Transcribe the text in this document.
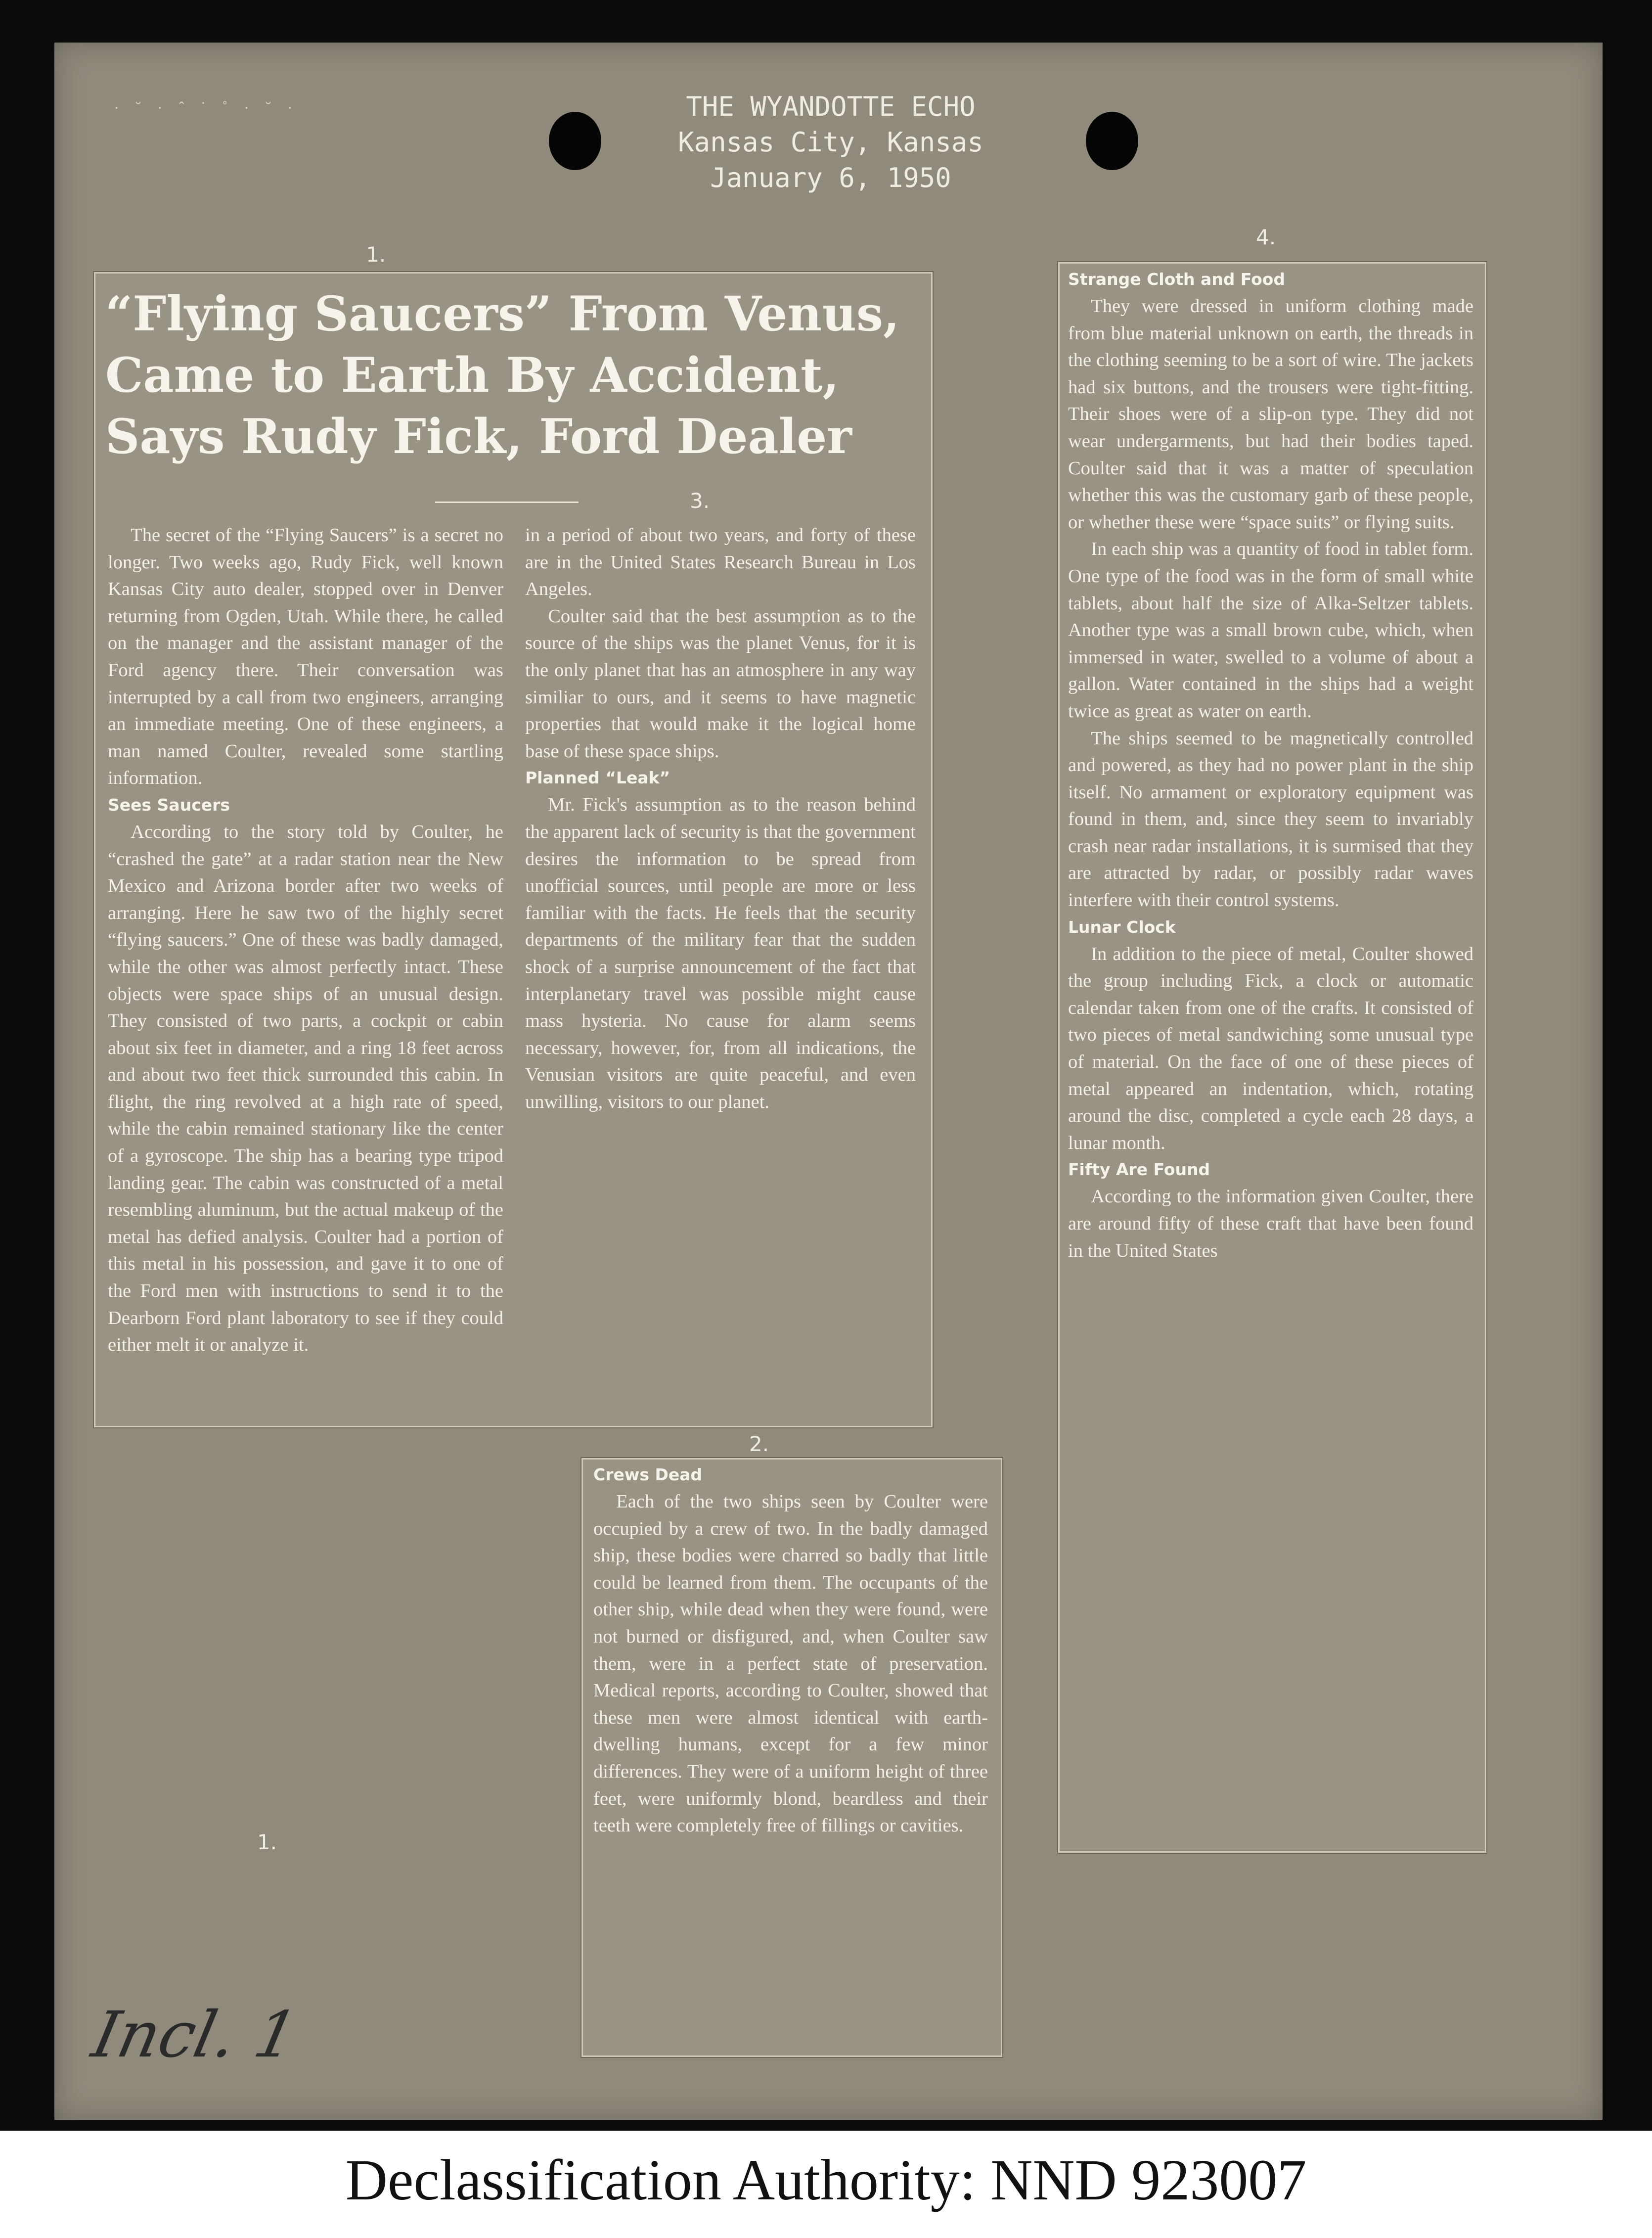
· ˘ · ˆ ˙ ˚ · ˘ ·	THE WYANDOTTE ECHO
Kansas City, Kansas
January 6, 1950
1.
4.
“Flying Saucers” From Venus,
Came to Earth By Accident,
Says Rudy Fick, Ford Dealer
3.

The secret of the “Flying Saucers” is a secret no longer. Two weeks ago, Rudy Fick, well known Kansas City auto dealer, stopped over in Denver returning from Ogden, Utah. While there, he called on the manager and the assistant manager of the Ford agency there. Their conversation was interrupted by a call from two engineers, arranging an immediate meeting. One of these engineers, a man named Coulter, revealed some startling information.

Sees Saucers

According to the story told by Coulter, he “crashed the gate” at a radar station near the New Mexico and Arizona border after two weeks of arranging. Here he saw two of the highly secret “flying saucers.” One of these was badly damaged, while the other was almost perfectly intact. These objects were space ships of an unusual design. They consisted of two parts, a cockpit or cabin about six feet in diameter, and a ring 18 feet across and about two feet thick surrounded this cabin. In flight, the ring revolved at a high rate of speed, while the cabin remained stationary like the center of a gyroscope. The ship has a bearing type tripod landing gear. The cabin was constructed of a metal resembling aluminum, but the actual makeup of the metal has defied analysis. Coulter had a portion of this metal in his possession, and gave it to one of the Ford men with instructions to send it to the Dearborn Ford plant laboratory to see if they could either melt it or analyze it.

in a period of about two years, and forty of these are in the United States Research Bureau in Los Angeles.

Coulter said that the best assumption as to the source of the ships was the planet Venus, for it is the only planet that has an atmosphere in any way similiar to ours, and it seems to have magnetic properties that would make it the logical home base of these space ships.

Planned “Leak”

Mr. Fick's assumption as to the reason behind the apparent lack of security is that the government desires the information to be spread from unofficial sources, until people are more or less familiar with the facts. He feels that the security departments of the military fear that the sudden shock of a surprise announcement of the fact that interplanetary travel was possible might cause mass hysteria. No cause for alarm seems necessary, however, for, from all indications, the Venusian visitors are quite peaceful, and even unwilling, visitors to our planet.

1.
2.
Crews Dead

Each of the two ships seen by Coulter were occupied by a crew of two. In the badly damaged ship, these bodies were charred so badly that little could be learned from them. The occupants of the other ship, while dead when they were found, were not burned or disfigured, and, when Coulter saw them, were in a perfect state of preservation. Medical reports, according to Coulter, showed that these men were almost identical with earth-dwelling humans, except for a few minor differences. They were of a uniform height of three feet, were uniformly blond, beardless and their teeth were completely free of fillings or cavities.

Strange Cloth and Food

They were dressed in uniform clothing made from blue material unknown on earth, the threads in the clothing seeming to be a sort of wire. The jackets had six buttons, and the trousers were tight-fitting. Their shoes were of a slip-on type. They did not wear undergarments, but had their bodies taped. Coulter said that it was a matter of speculation whether this was the customary garb of these people, or whether these were “space suits” or flying suits.

In each ship was a quantity of food in tablet form. One type of the food was in the form of small white tablets, about half the size of Alka-Seltzer tablets. Another type was a small brown cube, which, when immersed in water, swelled to a volume of about a gallon. Water contained in the ships had a weight twice as great as water on earth.

The ships seemed to be magnetically controlled and powered, as they had no power plant in the ship itself. No armament or exploratory equipment was found in them, and, since they seem to invariably crash near radar installations, it is surmised that they are attracted by radar, or possibly radar waves interfere with their control systems.

Lunar Clock

In addition to the piece of metal, Coulter showed the group including Fick, a clock or automatic calendar taken from one of the crafts. It consisted of two pieces of metal sandwiching some unusual type of material. On the face of one of these pieces of metal appeared an indentation, which, rotating around the disc, completed a cycle each 28 days, a lunar month.

Fifty Are Found

According to the information given Coulter, there are around fifty of these craft that have been found in the United States

Incl. 1
Declassification Authority: NND 923007
